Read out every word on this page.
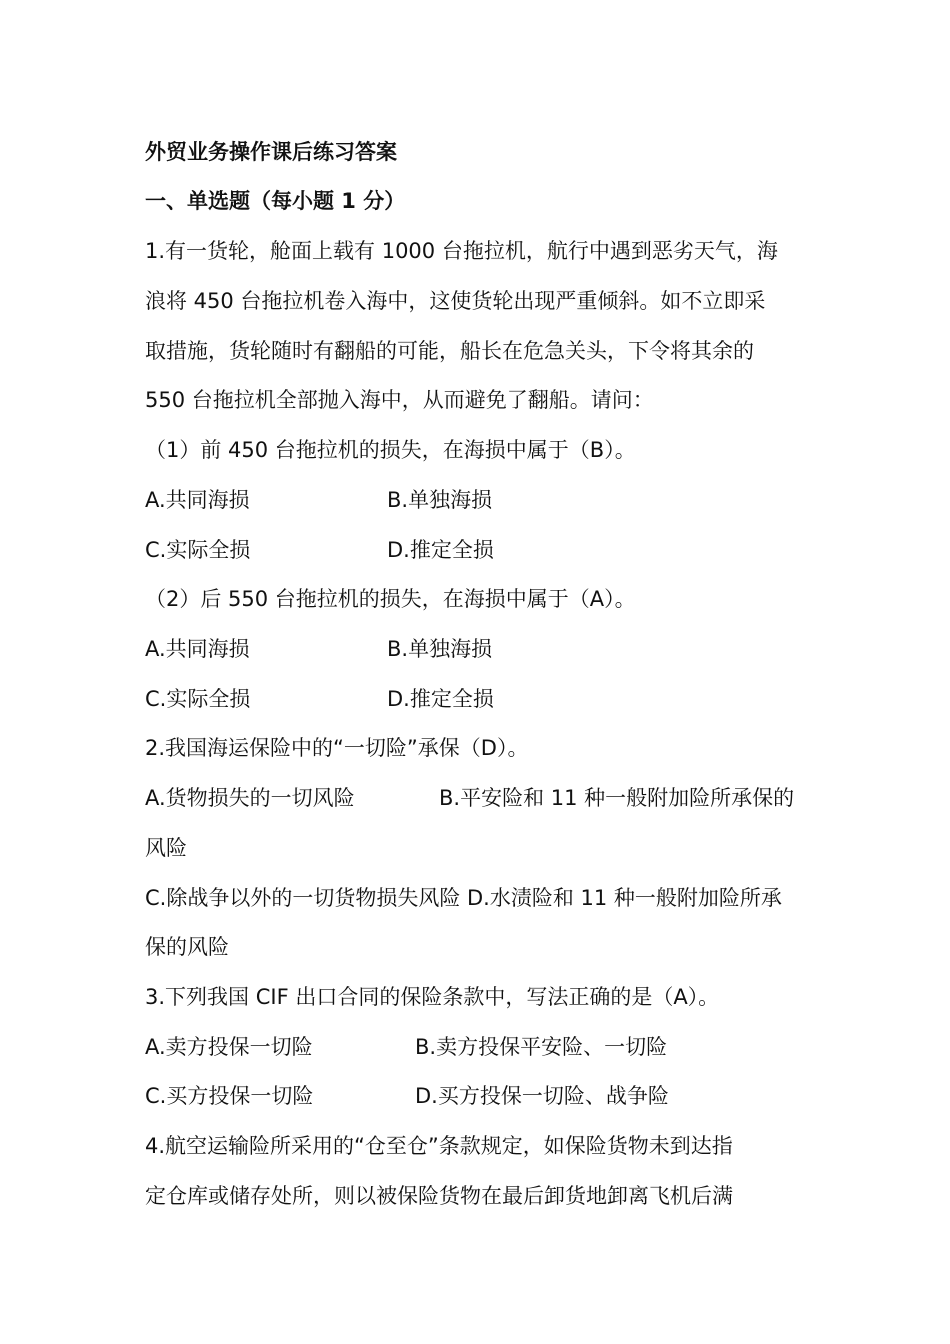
外贸业务操作课后练习答案
一、单选题（每小题 1 分）
1.有一货轮，舱面上载有 1000 台拖拉机，航行中遇到恶劣天气，海
浪将 450 台拖拉机卷入海中，这使货轮出现严重倾斜。如不立即采
取措施，货轮随时有翻船的可能，船长在危急关头，下令将其余的
550 台拖拉机全部抛入海中，从而避免了翻船。请问：
（1）前 450 台拖拉机的损失，在海损中属于（B）。
A.共同海损	B.单独海损
C.实际全损	D.推定全损
（2）后 550 台拖拉机的损失，在海损中属于（A）。
A.共同海损	B.单独海损
C.实际全损	D.推定全损
2.我国海运保险中的“一切险”承保（D）。
A.货物损失的一切风险	B.平安险和 11 种一般附加险所承保的
风险
C.除战争以外的一切货物损失风险 D.水渍险和 11 种一般附加险所承
保的风险
3.下列我国 CIF 出口合同的保险条款中，写法正确的是（A）。
A.卖方投保一切险	B.卖方投保平安险、一切险
C.买方投保一切险	D.买方投保一切险、战争险
4.航空运输险所采用的“仓至仓”条款规定，如保险货物未到达指
定仓库或储存处所，则以被保险货物在最后卸货地卸离飞机后满
